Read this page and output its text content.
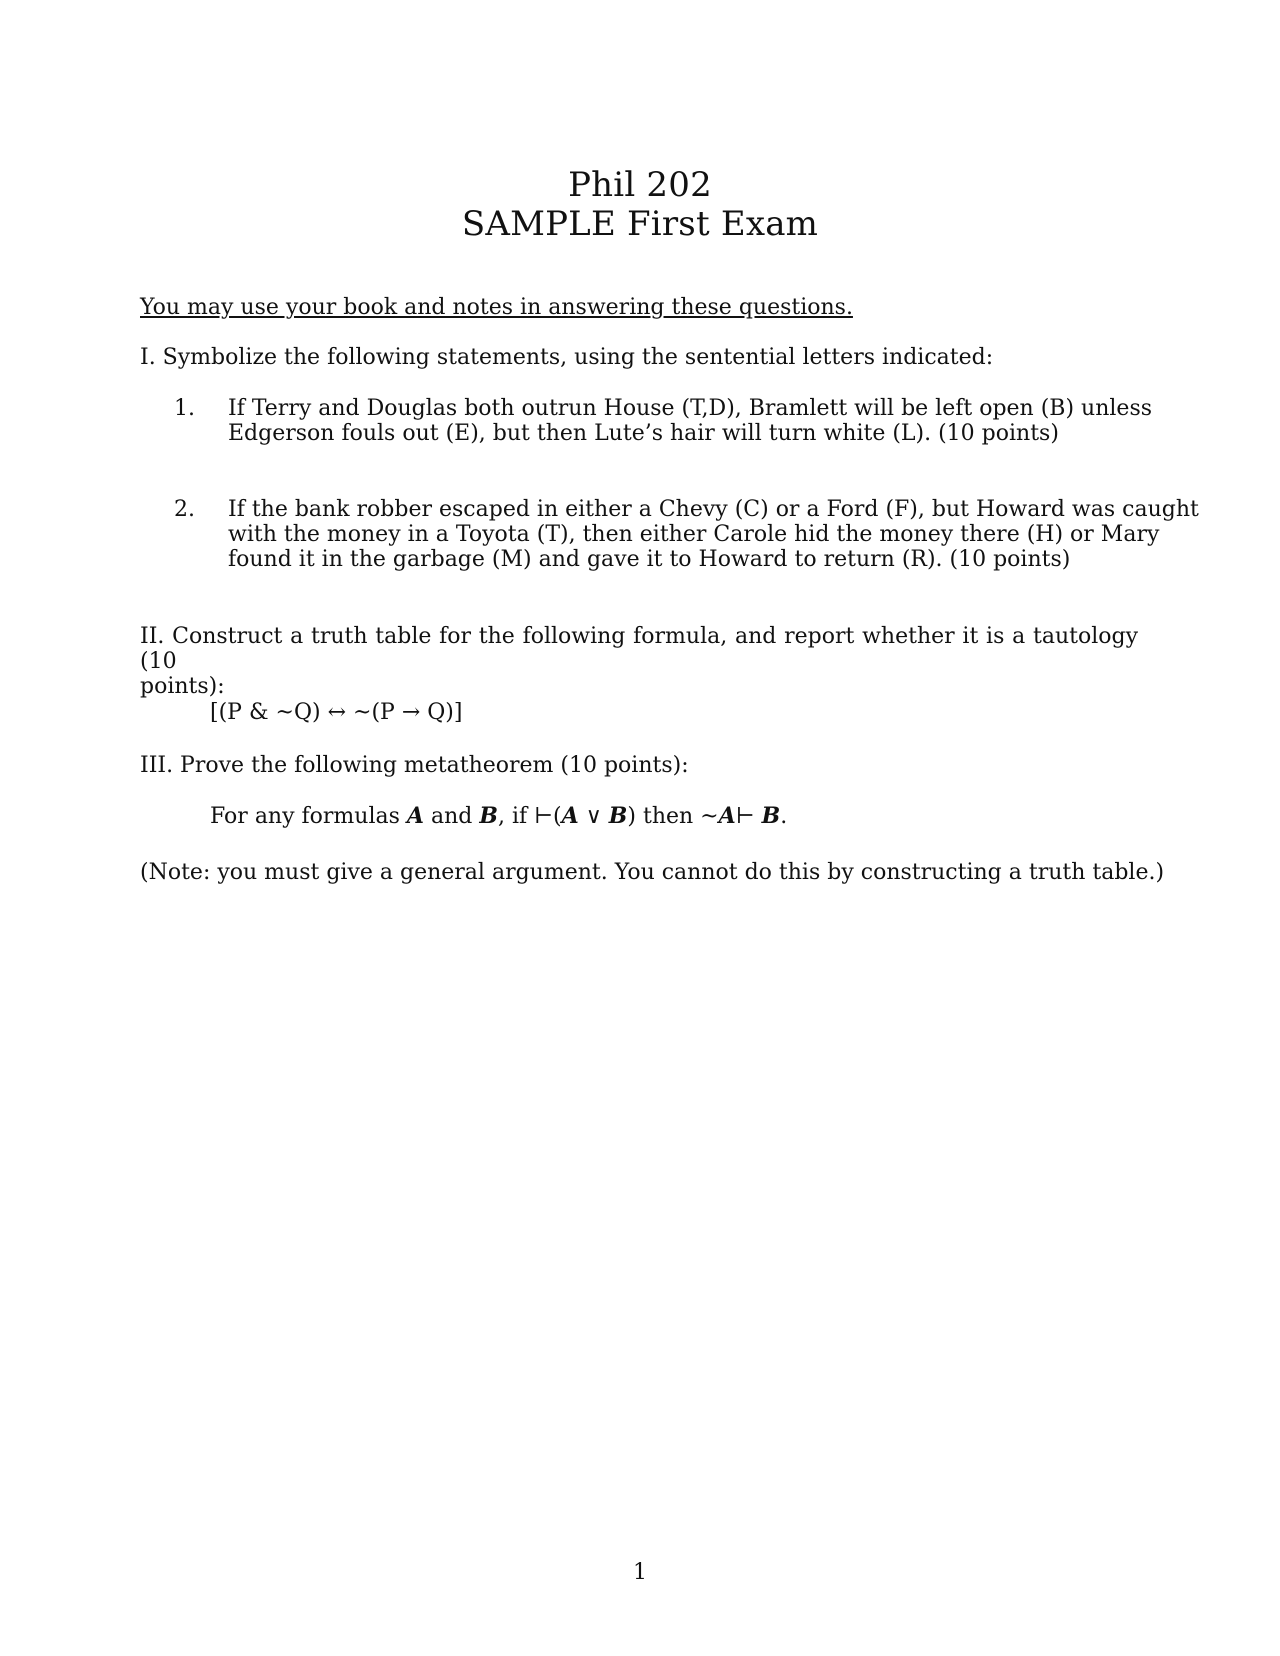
Phil 202
SAMPLE First Exam
You may use your book and notes in answering these questions.
I. Symbolize the following statements, using the sentential letters indicated:
1. If Terry and Douglas both outrun House (T,D), Bramlett will be left open (B) unless
Edgerson fouls out (E), but then Lute’s hair will turn white (L). (10 points)
2. If the bank robber escaped in either a Chevy (C) or a Ford (F), but Howard was caught
with the money in a Toyota (T), then either Carole hid the money there (H) or Mary
found it in the garbage (M) and gave it to Howard to return (R). (10 points)
II. Construct a truth table for the following formula, and report whether it is a tautology (10
points):
[(P & ~Q) ↔ ~(P → Q)]
III. Prove the following metatheorem (10 points):
For any formulas A and B, if ⊢(A ∨ B) then ~A⊢ B.
(Note: you must give a general argument. You cannot do this by constructing a truth table.)
1
